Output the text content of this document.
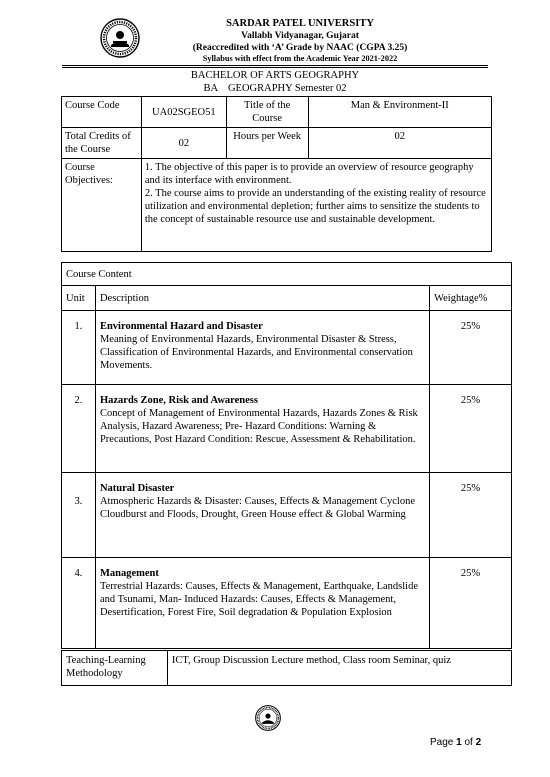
SARDAR PATEL UNIVERSITY
Vallabh Vidyanagar, Gujarat
(Reaccredited with ‘A’ Grade by NAAC (CGPA 3.25)
Syllabus with effect from the Academic Year 2021-2022
BACHELOR OF ARTS GEOGRAPHY
BA    GEOGRAPHY Semester 02
Course Code	UA02SGEO51	Title of the Course	Man & Environment-II
Total Credits of the Course	02	Hours per Week	02
Course Objectives:	1. The objective of this paper is to provide an overview of resource geography and its interface with environment.
2. The course aims to provide an understanding of the existing reality of resource utilization and environmental depletion; further aims to sensitize the students to the concept of sustainable resource use and sustainable development.		
Course Content		
Unit	Description	Weightage%
1.	Environmental Hazard and Disaster
Meaning of Environmental Hazards, Environmental Disaster & Stress, Classification of Environmental Hazards, and Environmental conservation Movements.	25%
2.	Hazards Zone, Risk and Awareness
Concept of Management of Environmental Hazards, Hazards Zones & Risk Analysis, Hazard Awareness; Pre- Hazard Conditions: Warning & Precautions, Post Hazard Condition: Rescue, Assessment & Rehabilitation.	25%
3.	Natural Disaster
Atmospheric Hazards & Disaster: Causes, Effects & Management Cyclone Cloudburst and Floods, Drought, Green House effect & Global Warming	25%
4.	Management
Terrestrial Hazards: Causes, Effects & Management, Earthquake, Landslide and Tsunami, Man- Induced Hazards: Causes, Effects & Management, Desertification, Forest Fire, Soil degradation & Population Explosion	25%
Teaching-Learning Methodology	ICT, Group Discussion Lecture method, Class room Seminar, quiz
Page 1 of 2
